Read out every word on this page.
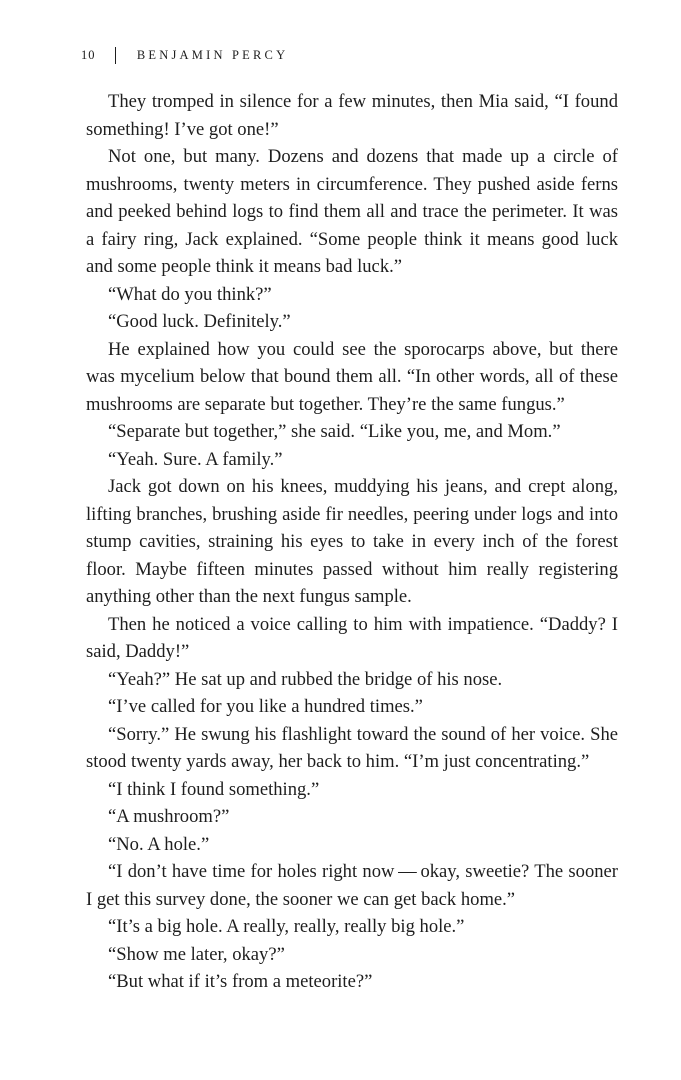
10	BENJAMIN PERCY

They tromped in silence for a few minutes, then Mia said, “I found something! I’ve got one!”

Not one, but many. Dozens and dozens that made up a circle of mushrooms, twenty meters in circumference. They pushed aside ferns and peeked behind logs to find them all and trace the perimeter. It was a fairy ring, Jack explained. “Some people think it means good luck and some people think it means bad luck.”

“What do you think?”

“Good luck. Definitely.”

He explained how you could see the sporocarps above, but there was mycelium below that bound them all. “In other words, all of these mushrooms are separate but together. They’re the same fungus.”

“Separate but together,” she said. “Like you, me, and Mom.”

“Yeah. Sure. A family.”

Jack got down on his knees, muddying his jeans, and crept along, lifting branches, brushing aside fir needles, peering under logs and into stump cavities, straining his eyes to take in every inch of the forest floor. Maybe fifteen minutes passed without him really registering anything other than the next fungus sample.

Then he noticed a voice calling to him with impatience. “Daddy? I said, Daddy!”

“Yeah?” He sat up and rubbed the bridge of his nose.

“I’ve called for you like a hundred times.”

“Sorry.” He swung his flashlight toward the sound of her voice. She stood twenty yards away, her back to him. “I’m just concentrating.”

“I think I found something.”

“A mushroom?”

“No. A hole.”

“I don’t have time for holes right now — okay, sweetie? The sooner I get this survey done, the sooner we can get back home.”

“It’s a big hole. A really, really, really big hole.”

“Show me later, okay?”

“But what if it’s from a meteorite?”
